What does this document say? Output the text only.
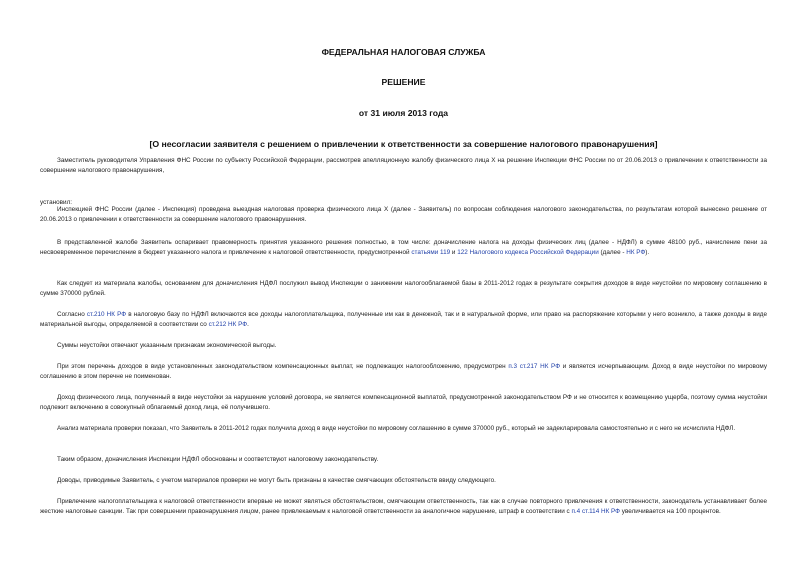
ФЕДЕРАЛЬНАЯ НАЛОГОВАЯ СЛУЖБА
РЕШЕНИЕ
от 31 июля 2013 года
[О несогласии заявителя с решением о привлечении к ответственности за совершение налогового правонарушения]

Заместитель руководителя Управления ФНС России по субъекту Российской Федерации, рассмотрев апелляционную жалобу физического лица Х на решение Инспекции ФНС России по от 20.06.2013 о привлечении к ответственности за совершение налогового правонарушения,

установил:

Инспекцией ФНС России (далее - Инспекция) проведена выездная налоговая проверка физического лица Х (далее - Заявитель) по вопросам соблюдения налогового законодательства, по результатам которой вынесено решение от 20.06.2013 о привлечении к ответственности за совершение налогового правонарушения.

В представленной жалобе Заявитель оспаривает правомерность принятия указанного решения полностью, в том числе: доначисление налога на доходы физических лиц (далее - НДФЛ) в сумме 48100 руб., начисление пени за несвоевременное перечисление в бюджет указанного налога и привлечение к налоговой ответственности, предусмотренной статьями 119 и 122 Налогового кодекса Российской Федерации (далее - НК РФ).

Как следует из материала жалобы, основанием для доначисления НДФЛ послужил вывод Инспекции о занижении налогооблагаемой базы в 2011-2012 годах в результате сокрытия доходов в виде неустойки по мировому соглашению в сумме 370000 рублей.

Согласно ст.210 НК РФ в налоговую базу по НДФЛ включаются все доходы налогоплательщика, полученные им как в денежной, так и в натуральной форме, или право на распоряжение которыми у него возникло, а также доходы в виде материальной выгоды, определяемой в соответствии со ст.212 НК РФ.

Суммы неустойки отвечают указанным признакам экономической выгоды.

При этом перечень доходов в виде установленных законодательством компенсационных выплат, не подлежащих налогообложению, предусмотрен п.3 ст.217 НК РФ и является исчерпывающим. Доход в виде неустойки по мировому соглашению в этом перечне не поименован.

Доход физического лица, полученный в виде неустойки за нарушение условий договора, не является компенсационной выплатой, предусмотренной законодательством РФ и не относится к возмещению ущерба, поэтому сумма неустойки подлежит включению в совокупный облагаемый доход лица, её получившего.

Анализ материала проверки показал, что Заявитель в 2011-2012 годах получила доход в виде неустойки по мировому соглашению в сумме 370000 руб., который не задекларировала самостоятельно и с него не исчислила НДФЛ.

Таким образом, доначисления Инспекции НДФЛ обоснованы и соответствуют налоговому законодательству.

Доводы, приводимые Заявитель, с учетом материалов проверки не могут быть признаны в качестве смягчающих обстоятельств ввиду следующего.

Привлечение налогоплательщика к налоговой ответственности впервые не может являться обстоятельством, смягчающим ответственность, так как в случае повторного привлечения к ответственности, законодатель устанавливает более жесткие налоговые санкции. Так при совершении правонарушения лицом, ранее привлекаемым к налоговой ответственности за аналогичное нарушение, штраф в соответствии с п.4 ст.114 НК РФ увеличивается на 100 процентов.
